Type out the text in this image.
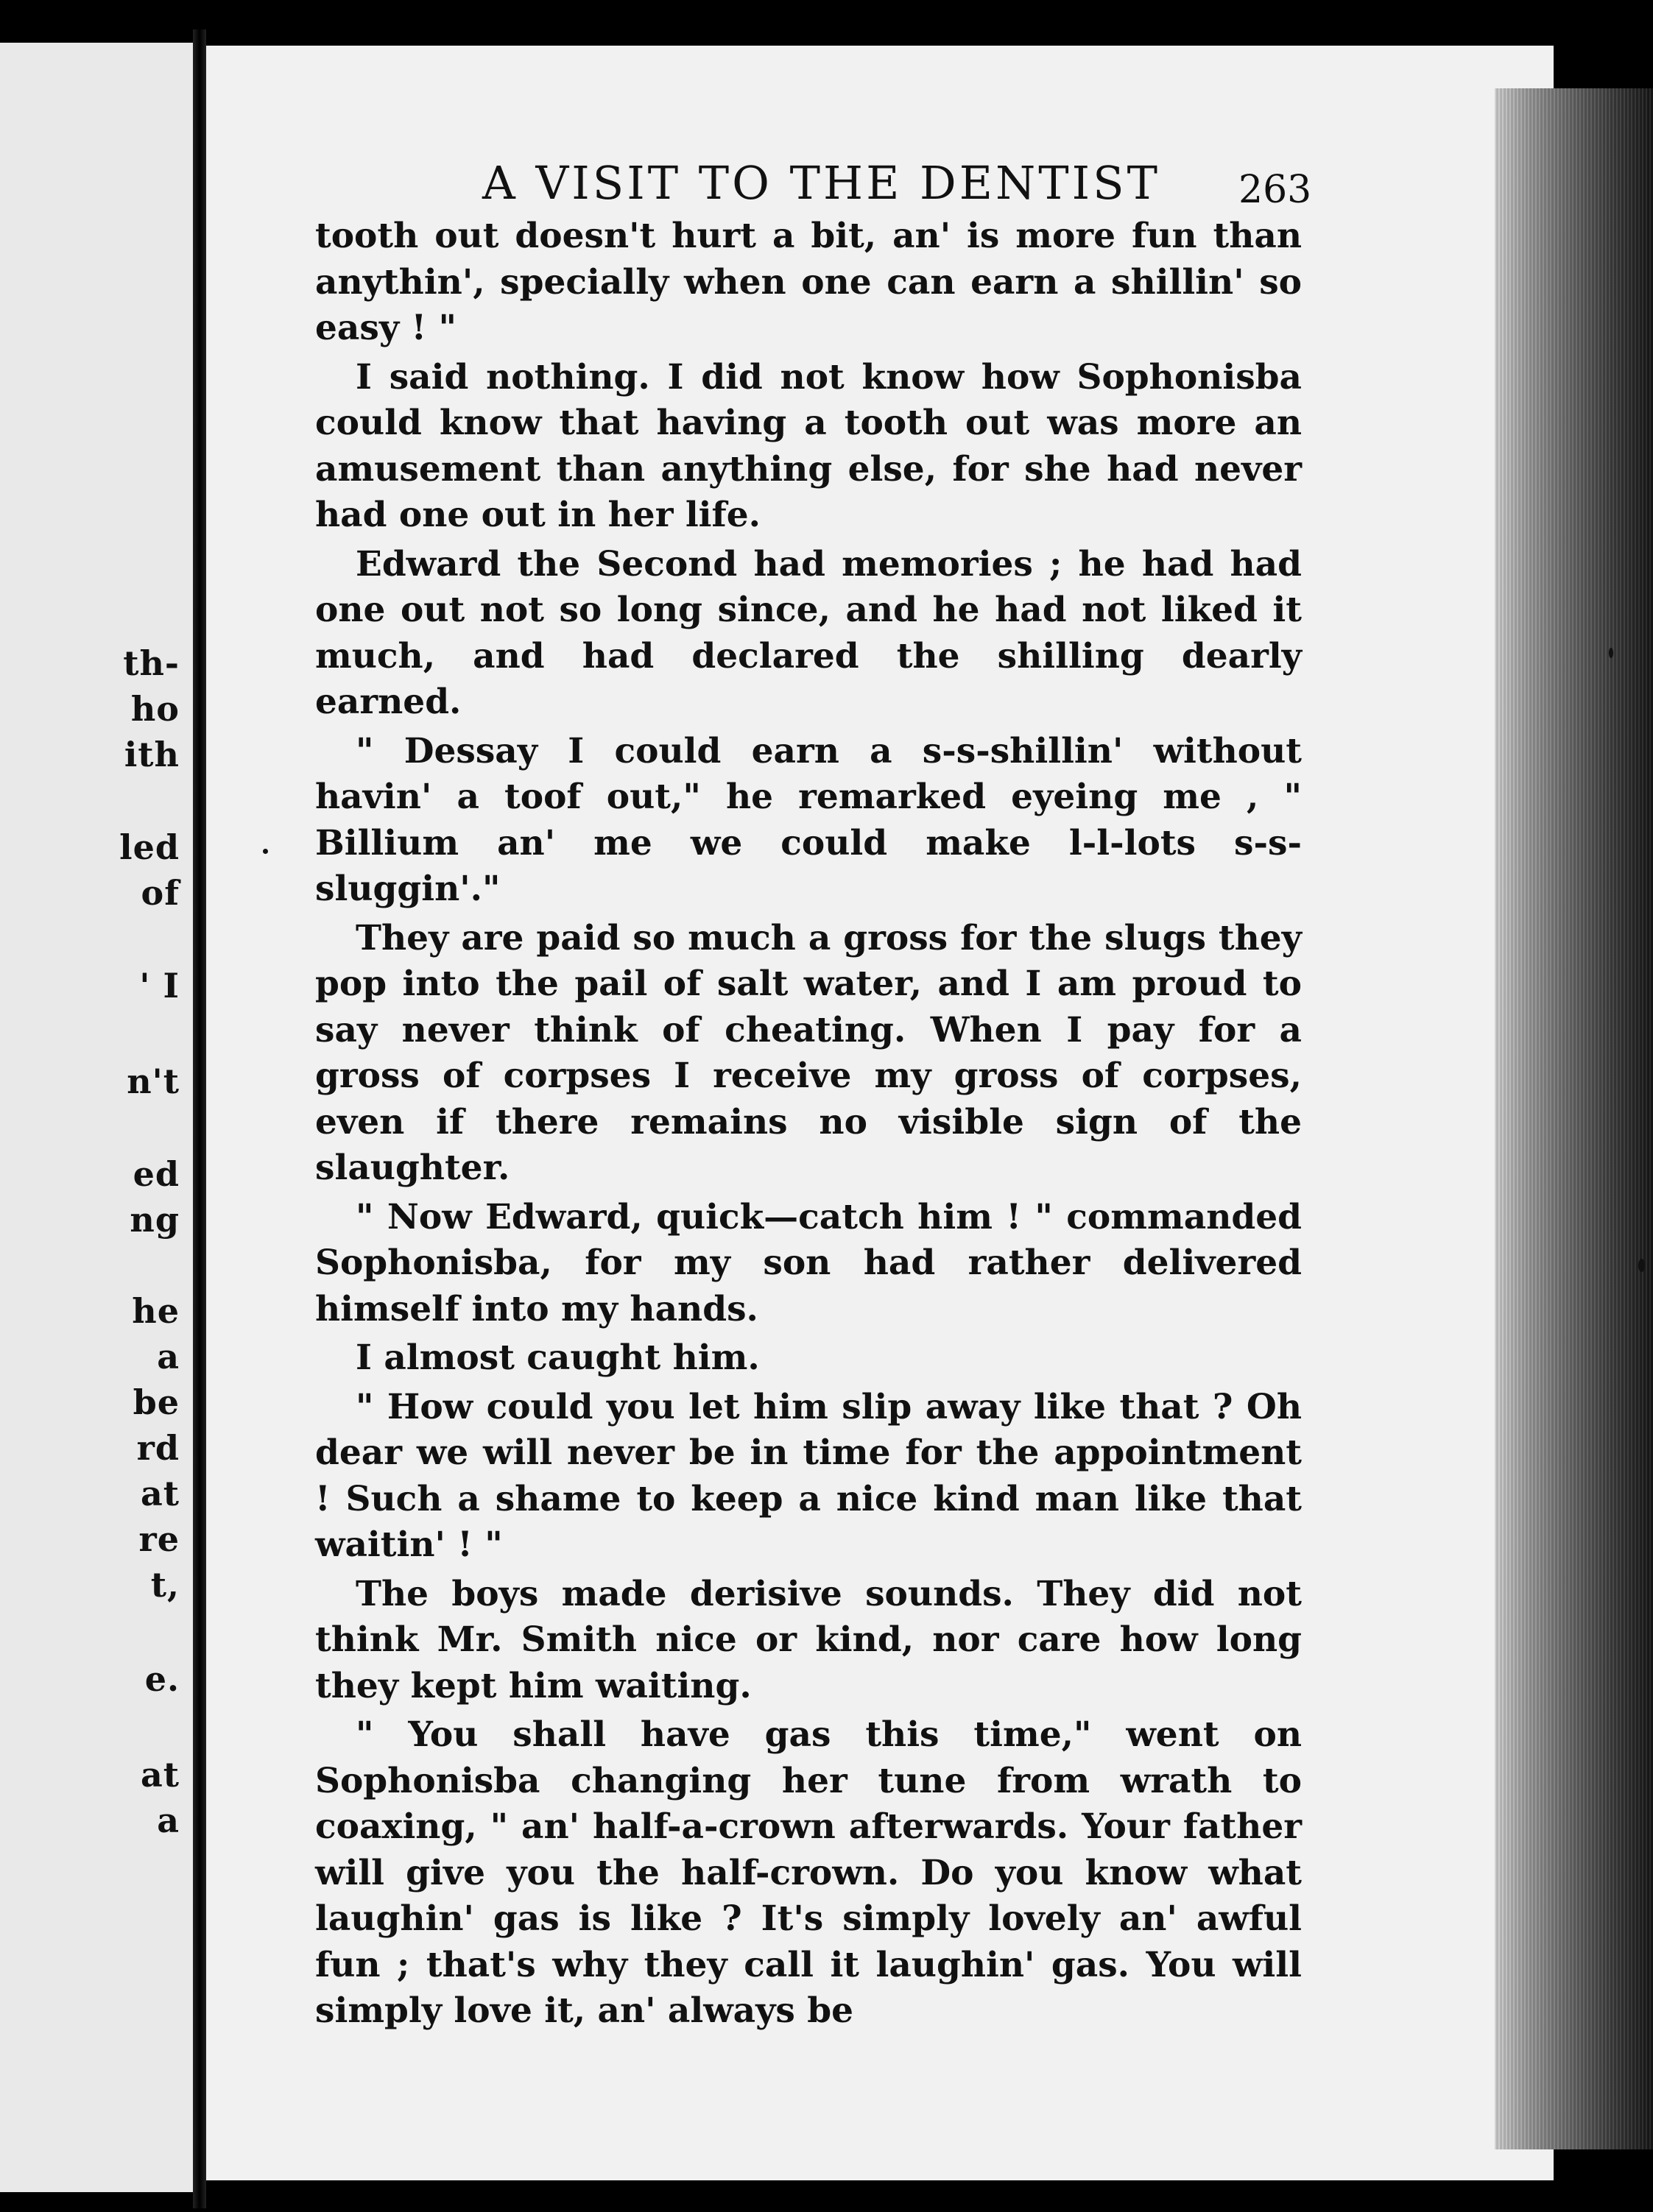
th-
ho
ith
led
of
' I
n't
ed
ng
he
a
be
rd
at
re
t,
e.
at
a
A VISIT TO THE DENTIST 263

tooth out doesn't hurt a bit, an' is more fun than anythin', specially when one can earn a shillin' so easy ! "

I said nothing. I did not know how Sophonisba could know that having a tooth out was more an amusement than anything else, for she had never had one out in her life.

Edward the Second had memories ; he had had one out not so long since, and he had not liked it much, and had declared the shilling dearly earned.

" Dessay I could earn a s-s-shillin' without havin' a toof out," he remarked eyeing me , " Billium an' me we could make l-l-lots s-s-sluggin'."

They are paid so much a gross for the slugs they pop into the pail of salt water, and I am proud to say never think of cheating. When I pay for a gross of corpses I receive my gross of corpses, even if there remains no visible sign of the slaughter.

" Now Edward, quick—catch him ! " commanded Sophonisba, for my son had rather delivered himself into my hands.

I almost caught him.

" How could you let him slip away like that ? Oh dear we will never be in time for the appointment ! Such a shame to keep a nice kind man like that waitin' ! "

The boys made derisive sounds. They did not think Mr. Smith nice or kind, nor care how long they kept him waiting.

" You shall have gas this time," went on Sophonisba changing her tune from wrath to coaxing, " an' half-a-crown afterwards. Your father will give you the half-crown. Do you know what laughin' gas is like ? It's simply lovely an' awful fun ; that's why they call it laughin' gas. You will simply love it, an' always be
